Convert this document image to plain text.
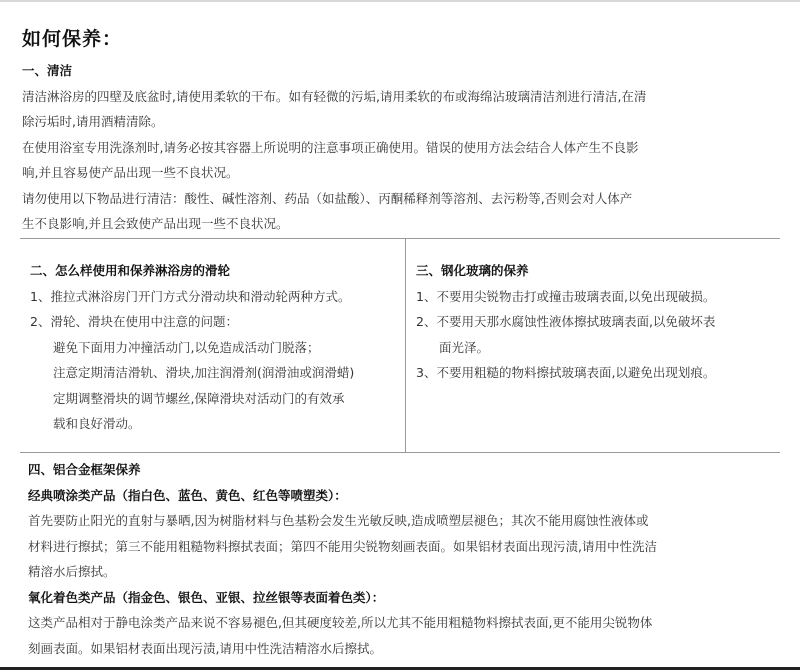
如何保养：
一、清洁
清洁淋浴房的四壁及底盆时,请使用柔软的干布。如有轻微的污垢,请用柔软的布或海绵沾玻璃清洁剂进行清洁,在清
除污垢时,请用酒精清除。
在使用浴室专用洗涤剂时,请务必按其容器上所说明的注意事项正确使用。错误的使用方法会结合人体产生不良影
响,并且容易使产品出现一些不良状况。
请勿使用以下物品进行清洁：酸性、碱性溶剂、药品（如盐酸）、丙酮稀释剂等溶剂、去污粉等,否则会对人体产
生不良影响,并且会致使产品出现一些不良状况。
二、怎么样使用和保养淋浴房的滑轮
1、推拉式淋浴房门开门方式分滑动块和滑动轮两种方式。
2、滑轮、滑块在使用中注意的问题：
避免下面用力冲撞活动门,以免造成活动门脱落；
注意定期清洁滑轨、滑块,加注润滑剂(润滑油或润滑蜡)
定期调整滑块的调节螺丝,保障滑块对活动门的有效承
载和良好滑动。
三、钢化玻璃的保养
1、不要用尖锐物击打或撞击玻璃表面,以免出现破损。
2、不要用天那水腐蚀性液体擦拭玻璃表面,以免破坏表
面光泽。
3、不要用粗糙的物料擦拭玻璃表面,以避免出现划痕。
四、铝合金框架保养
经典喷涂类产品（指白色、蓝色、黄色、红色等喷塑类）：
首先要防止阳光的直射与暴晒,因为树脂材料与色基粉会发生光敏反映,造成喷塑层褪色；其次不能用腐蚀性液体或
材料进行擦拭；第三不能用粗糙物料擦拭表面；第四不能用尖锐物刻画表面。如果铝材表面出现污渍,请用中性洗洁
精溶水后擦拭。
氧化着色类产品（指金色、银色、亚银、拉丝银等表面着色类）：
这类产品相对于静电涂类产品来说不容易褪色,但其硬度较差,所以尤其不能用粗糙物料擦拭表面,更不能用尖锐物体
刻画表面。如果铝材表面出现污渍,请用中性洗洁精溶水后擦拭。
